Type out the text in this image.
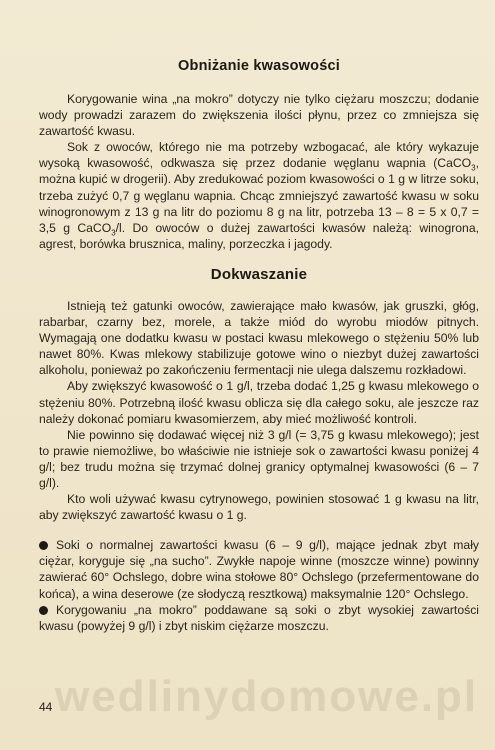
wedlinydomowe.pl
Obniżanie kwasowości

Korygowanie wina „na mokro” dotyczy nie tylko ciężaru moszczu; dodanie wody prowadzi zarazem do zwiększenia ilości płynu, przez co zmniejsza się zawartość kwasu.

Sok z owoców, którego nie ma potrzeby wzbogacać, ale który wykazuje wysoką kwasowość, odkwasza się przez dodanie węglanu wapnia (CaCO$_3$, można kupić w drogerii). Aby zredukować poziom kwasowości o 1 g w litrze soku, trzeba zużyć 0,7 g węglanu wapnia. Chcąc zmniejszyć zawartość kwasu w soku winogronowym z 13 g na litr do poziomu 8 g na litr, potrzeba 13 – 8 = 5 x 0,7 = 3,5 g CaCO$_3$/l. Do owoców o dużej zawartości kwasów należą: winogrona, agrest, borówka brusznica, maliny, porzeczka i jagody.

Dokwaszanie

Istnieją też gatunki owoców, zawierające mało kwasów, jak gruszki, głóg, rabarbar, czarny bez, morele, a także miód do wyrobu miodów pitnych. Wymagają one dodatku kwasu w postaci kwasu mlekowego o stężeniu 50% lub nawet 80%. Kwas mlekowy stabilizuje gotowe wino o niezbyt dużej zawartości alkoholu, ponieważ po zakończeniu fermentacji nie ulega dalszemu rozkładowi.

Aby zwiększyć kwasowość o 1 g/l, trzeba dodać 1,25 g kwasu mlekowego o stężeniu 80%. Potrzebną ilość kwasu oblicza się dla całego soku, ale jeszcze raz należy dokonać pomiaru kwasomierzem, aby mieć możliwość kontroli.

Nie powinno się dodawać więcej niż 3 g/l (= 3,75 g kwasu mlekowego); jest to prawie niemożliwe, bo właściwie nie istnieje sok o zawartości kwasu poniżej 4 g/l; bez trudu można się trzymać dolnej granicy optymalnej kwasowości (6 – 7 g/l).

Kto woli używać kwasu cytrynowego, powinien stosować 1 g kwasu na litr, aby zwiększyć zawartość kwasu o 1 g.

Soki o normalnej zawartości kwasu (6 – 9 g/l), mające jednak zbyt mały ciężar, koryguje się „na sucho”. Zwykłe napoje winne (moszcze winne) powinny zawierać 60° Ochslego, dobre wina stołowe 80° Ochslego (przefermentowane do końca), a wina deserowe (ze słodyczą resztkową) maksymalnie 120° Ochslego.

Korygowaniu „na mokro” poddawane są soki o zbyt wysokiej zawartości kwasu (powyżej 9 g/l) i zbyt niskim ciężarze moszczu.

44
